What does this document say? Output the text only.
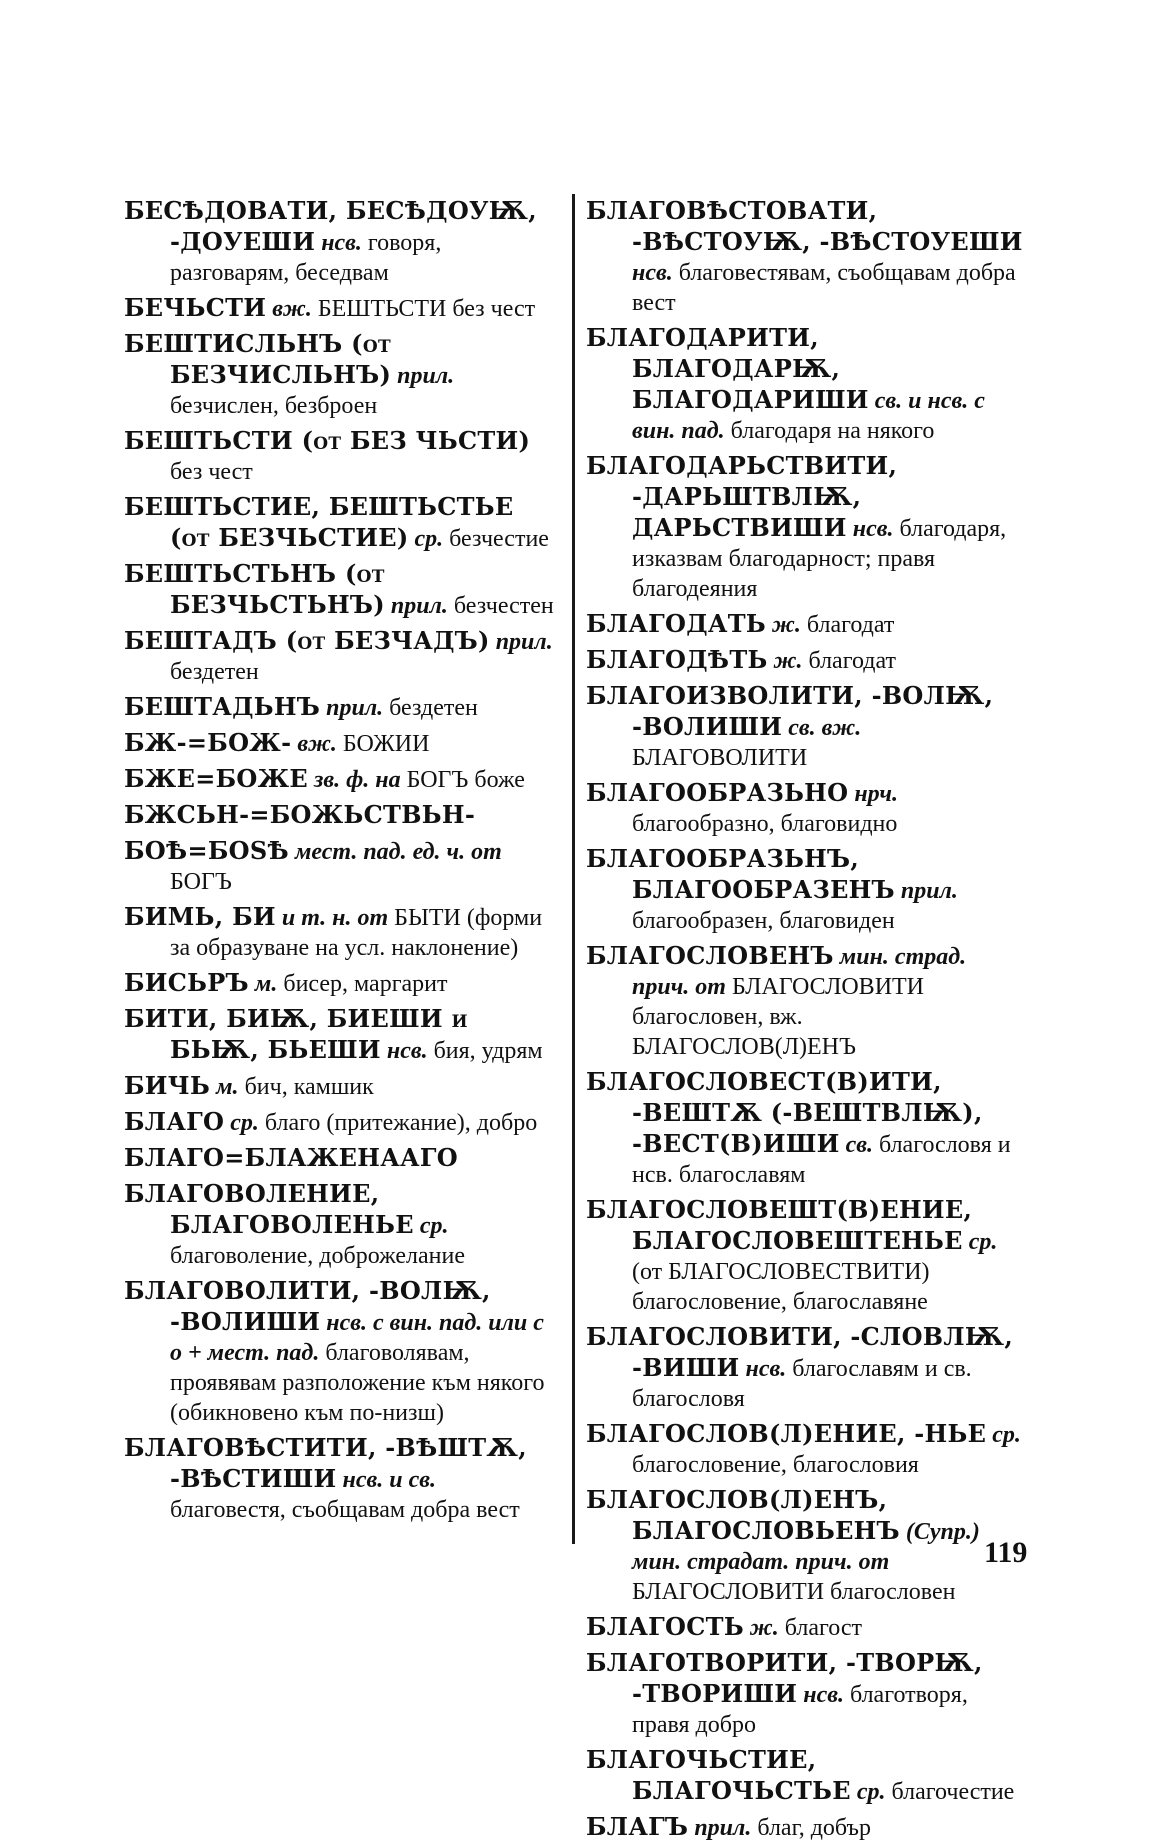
БЕСѢДОВАТИ, БЕСѢДОУѬ, -ДОУЕШИ нсв. говоря, разговарям, беседвам
БЕЧЬСТИ вж. БЕШТЬСТИ без чест
БЕШТИСЛЬНЪ (от БЕЗЧИСЛЬНЪ) прил. безчислен, безброен
БЕШТЬСТИ (от БЕЗ ЧЬСТИ) без чест
БЕШТЬСТИЕ, БЕШТЬСТЬЕ (от БЕЗЧЬСТИЕ) ср. безчестие
БЕШТЬСТЬНЪ (от БЕЗЧЬСТЬНЪ) прил. безчестен
БЕШТАДЪ (от БЕЗЧАДЪ) прил. бездетен
БЕШТАДЬНЪ прил. бездетен
БЖ-=БОЖ- вж. БОЖИИ
БЖЕ=БОЖЕ зв. ф. на БОГЪ боже
БЖСЬН-=БОЖЬСТВЬН-
БОѢ=БОЅѢ мест. пад. ед. ч. от БОГЪ
БИМЬ, БИ и т. н. от БЫТИ (форми за образуване на усл. наклонение)
БИСЬРЪ м. бисер, маргарит
БИТИ, БИѬ, БИЕШИ и БЬѬ, БЬЕШИ нсв. бия, удрям
БИЧЬ м. бич, камшик
БЛАГО ср. благо (притежание), добро
БЛАГО=БЛАЖЕНААГО
БЛАГОВОЛЕНИЕ, БЛАГОВОЛЕНЬЕ ср. благоволение, доброжелание
БЛАГОВОЛИТИ, -ВОЛѬ, -ВОЛИШИ нсв. с вин. пад. или с о + мест. пад. благоволявам, проявявам разположение към някого (обикновено към по-низш)
БЛАГОВѢСТИТИ, -ВѢШТѪ, -ВѢСТИШИ нсв. и св. благовестя, съобщавам добра вест
БЛАГОВѢСТОВАТИ, -ВѢСТОУѬ, -ВѢСТОУЕШИ нсв. благовестявам, съобщавам добра вест
БЛАГОДАРИТИ, БЛАГОДАРѬ, БЛАГОДАРИШИ св. и нсв. с вин. пад. благодаря на някого
БЛАГОДАРЬСТВИТИ, -ДАРЬШТВЛѬ, ДАРЬСТВИШИ нсв. благодаря, изказвам благодарност; правя благодеяния
БЛАГОДАТЬ ж. благодат
БЛАГОДѢТЬ ж. благодат
БЛАГОИЗВОЛИТИ, -ВОЛѬ, -ВОЛИШИ св. вж. БЛАГОВОЛИТИ
БЛАГООБРАЗЬНО нрч. благообразно, благовидно
БЛАГООБРАЗЬНЪ, БЛАГООБРАЗЕНЪ прил. благообразен, благовиден
БЛАГОСЛОВЕНЪ мин. страд. прич. от БЛАГОСЛОВИТИ благословен, вж. БЛАГОСЛОВ(Л)ЕНЪ
БЛАГОСЛОВЕСТ(В)ИТИ, -ВЕШТѪ (-ВЕШТВЛѬ), -ВЕСТ(В)ИШИ св. благословя и нсв. благославям
БЛАГОСЛОВЕШТ(В)ЕНИЕ, БЛАГОСЛОВЕШТЕНЬЕ ср. (от БЛАГОСЛОВЕСТВИТИ) благословение, благославяне
БЛАГОСЛОВИТИ, -СЛОВЛѬ, -ВИШИ нсв. благославям и св. благословя
БЛАГОСЛОВ(Л)ЕНИЕ, -НЬЕ ср. благословение, благословия
БЛАГОСЛОВ(Л)ЕНЪ, БЛАГОСЛОВЬЕНЪ (Супр.) мин. страдат. прич. от БЛАГОСЛОВИТИ благословен
БЛАГОСТЬ ж. благост
БЛАГОТВОРИТИ, -ТВОРѬ, -ТВОРИШИ нсв. благотворя, правя добро
БЛАГОЧЬСТИЕ, БЛАГОЧЬСТЬЕ ср. благочестие
БЛАГЪ прил. благ, добър
119
